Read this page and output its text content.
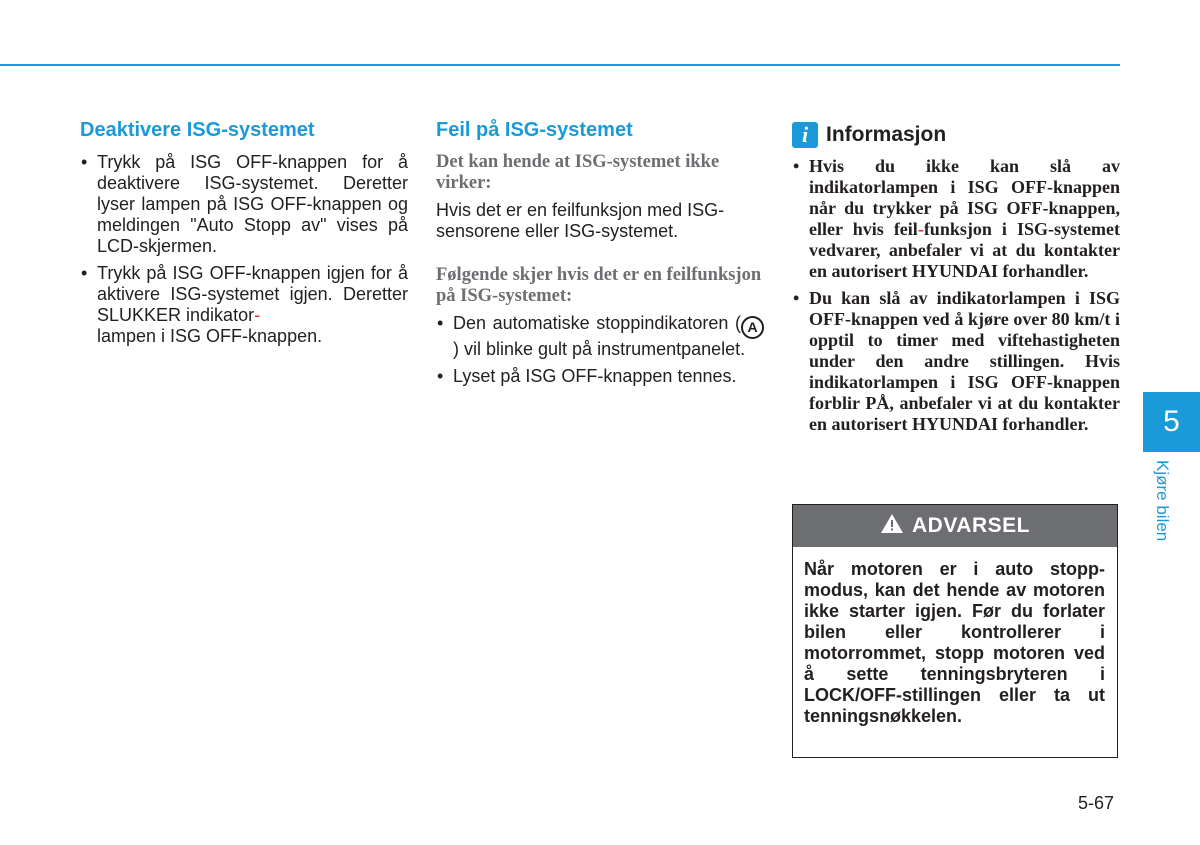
Deaktivere ISG-systemet
• Trykk på ISG OFF-knappen for å deaktivere ISG-systemet. Deretter lyser lampen på ISG OFF-knappen og meldingen "Auto Stopp av" vises på LCD-skjermen.
• Trykk på ISG OFF-knappen igjen for å aktivere ISG-systemet igjen. Deretter SLUKKER indikator-
lampen i ISG OFF-knappen.
Feil på ISG-systemet

Det kan hende at ISG-systemet ikke virker:

Hvis det er en feilfunksjon med ISG-sensorene eller ISG-systemet.

Følgende skjer hvis det er en feilfunksjon på ISG-systemet:

• Den automatiske stoppindikatoren ( A) vil blinke gult på instrumentpanelet.
• Lyset på ISG OFF-knappen tennes.
i Informasjon
• Hvis du ikke kan slå av indikatorlampen i ISG OFF-knappen når du trykker på ISG OFF-knappen, eller hvis feil-funksjon i ISG-systemet vedvarer, anbefaler vi at du kontakter en autorisert HYUNDAI forhandler.
• Du kan slå av indikatorlampen i ISG OFF-knappen ved å kjøre over 80 km/t i opptil to timer med viftehastigheten under den andre stillingen. Hvis indikatorlampen i ISG OFF-knappen forblir PÅ, anbefaler vi at du kontakter en autorisert HYUNDAI forhandler.
ADVARSEL
Når motoren er i auto stopp-modus, kan det hende av motoren ikke starter igjen. Før du forlater bilen eller kontrollerer i motorrommet, stopp motoren ved å sette tenningsbryteren i LOCK/OFF-stillingen eller ta ut tenningsnøkkelen.
5
Kjøre bilen
5-67
